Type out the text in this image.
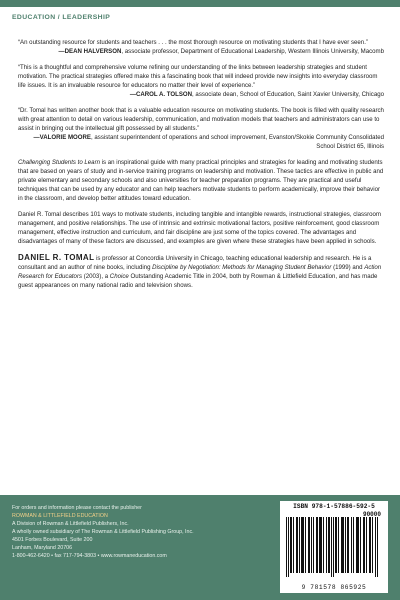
EDUCATION / LEADERSHIP

“An outstanding resource for students and teachers . . . the most thorough resource on motivating students that I have ever seen.”

—DEAN HALVERSON, associate professor, Department of Educational Leadership, Western Illinois University, Macomb

“This is a thoughtful and comprehensive volume refining our understanding of the links between leadership strategies and student motivation. The practical strategies offered make this a fascinating book that will indeed provide new insights into everyday classroom life issues. It is an invaluable resource for educators no matter their level of experience.”

—CAROL A. TOLSON, associate dean, School of Education, Saint Xavier University, Chicago

“Dr. Tomal has written another book that is a valuable education resource on motivating students. The book is filled with quality research with great attention to detail on various leadership, communication, and motivation models that teachers and administrators can use to assist in bringing out the intellectual gift possessed by all students.”

—VALORIE MOORE, assistant superintendent of operations and school improvement, Evanston/Skokie Community Consolidated School District 65, Illinois

Challenging Students to Learn is an inspirational guide with many practical principles and strategies for leading and motivating students that are based on years of study and in-service training programs on leadership and motivation. These tactics are effective in public and private elementary and secondary schools and also universities for teacher preparation programs. They are practical and useful techniques that can be used by any educator and can help teachers motivate students to perform academically, improve their behavior in the classroom, and develop better attitudes toward education.

Daniel R. Tomal describes 101 ways to motivate students, including tangible and intangible rewards, instructional strategies, classroom management, and positive relationships. The use of intrinsic and extrinsic motivational factors, positive reinforcement, good classroom management, effective instruction and curriculum, and fair discipline are just some of the topics covered. The advantages and disadvantages of many of these factors are discussed, and examples are given where these strategies have been applied in schools.

DANIEL R. TOMAL is professor at Concordia University in Chicago, teaching educational leadership and research. He is a consultant and an author of nine books, including Discipline by Negotiation: Methods for Managing Student Behavior (1999) and Action Research for Educators (2003), a Choice Outstanding Academic Title in 2004, both by Rowman & Littlefield Education, and has made guest appearances on many national radio and television shows.

For orders and information please contact the publisher
ROWMAN & LITTLEFIELD EDUCATION
A Division of Rowman & Littlefield Publishers, Inc.
A wholly owned subsidiary of The Rowman & Littlefield Publishing Group, Inc.
4501 Forbes Boulevard, Suite 200
Lanham, Maryland 20706
1-800-462-6420 • fax 717-794-3803 • www.rowmaneducation.com
ISBN 978-1-57886-592-5
90000
9 781578 865925
